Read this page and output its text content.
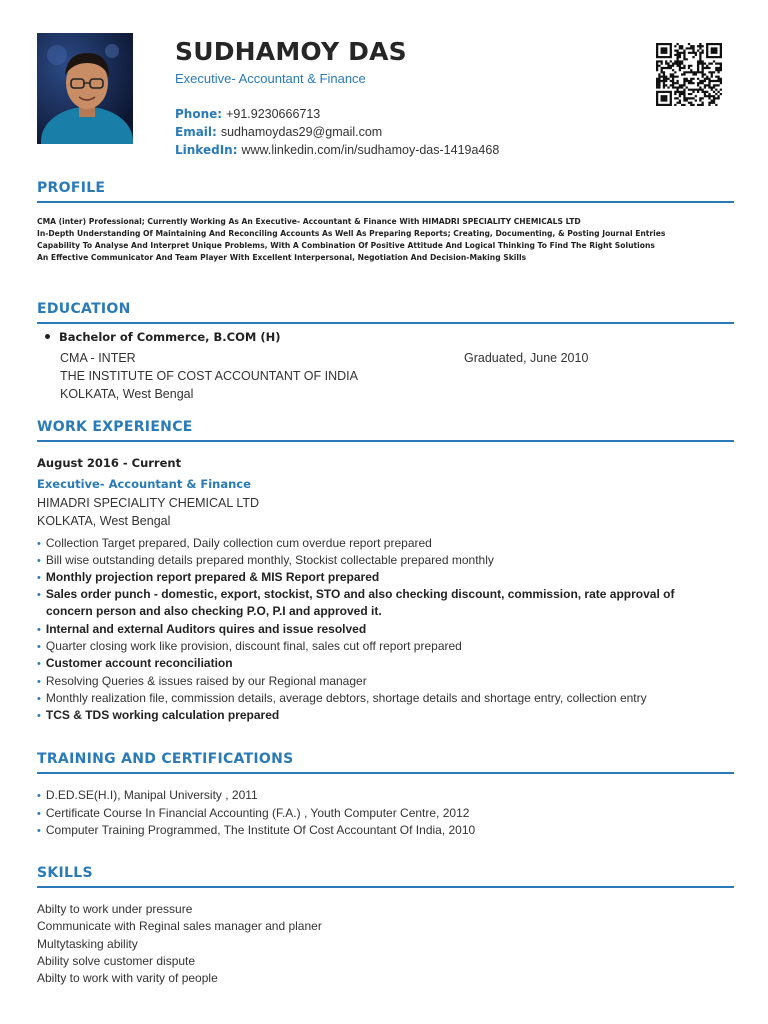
SUDHAMOY DAS
Executive- Accountant & Finance
Phone: +91.9230666713
Email: sudhamoydas29@gmail.com
LinkedIn: www.linkedin.com/in/sudhamoy-das-1419a468
PROFILE
CMA (inter) Professional; Currently Working As An Executive- Accountant & Finance With HIMADRI SPECIALITY CHEMICALS LTD
In-Depth Understanding Of Maintaining And Reconciling Accounts As Well As Preparing Reports; Creating, Documenting, & Posting Journal Entries
Capability To Analyse And Interpret Unique Problems, With A Combination Of Positive Attitude And Logical Thinking To Find The Right Solutions
An Effective Communicator And Team Player With Excellent Interpersonal, Negotiation And Decision-Making Skills
EDUCATION
Bachelor of Commerce, B.COM (H)
CMA - INTER	Graduated, June 2010
THE INSTITUTE OF COST ACCOUNTANT OF INDIA
KOLKATA, West Bengal
WORK EXPERIENCE
August 2016 - Current
Executive- Accountant & Finance
HIMADRI SPECIALITY CHEMICAL LTD
KOLKATA, West Bengal
• Collection Target prepared, Daily collection cum overdue report prepared
• Bill wise outstanding details prepared monthly, Stockist collectable prepared monthly
• Monthly projection report prepared & MIS Report prepared
• Sales order punch - domestic, export, stockist, STO and also checking discount, commission, rate approval of
concern person and also checking P.O, P.I and approved it.
• Internal and external Auditors quires and issue resolved
• Quarter closing work like provision, discount final, sales cut off report prepared
• Customer account reconciliation
• Resolving Queries & issues raised by our Regional manager
• Monthly realization file, commission details, average debtors, shortage details and shortage entry, collection entry
• TCS & TDS working calculation prepared
TRAINING AND CERTIFICATIONS
• D.ED.SE(H.I), Manipal University , 2011
• Certificate Course In Financial Accounting (F.A.) , Youth Computer Centre, 2012
• Computer Training Programmed, The Institute Of Cost Accountant Of India, 2010
SKILLS
Abilty to work under pressure
Communicate with Reginal sales manager and planer
Multytasking ability
Ability solve customer dispute
Abilty to work with varity of people
